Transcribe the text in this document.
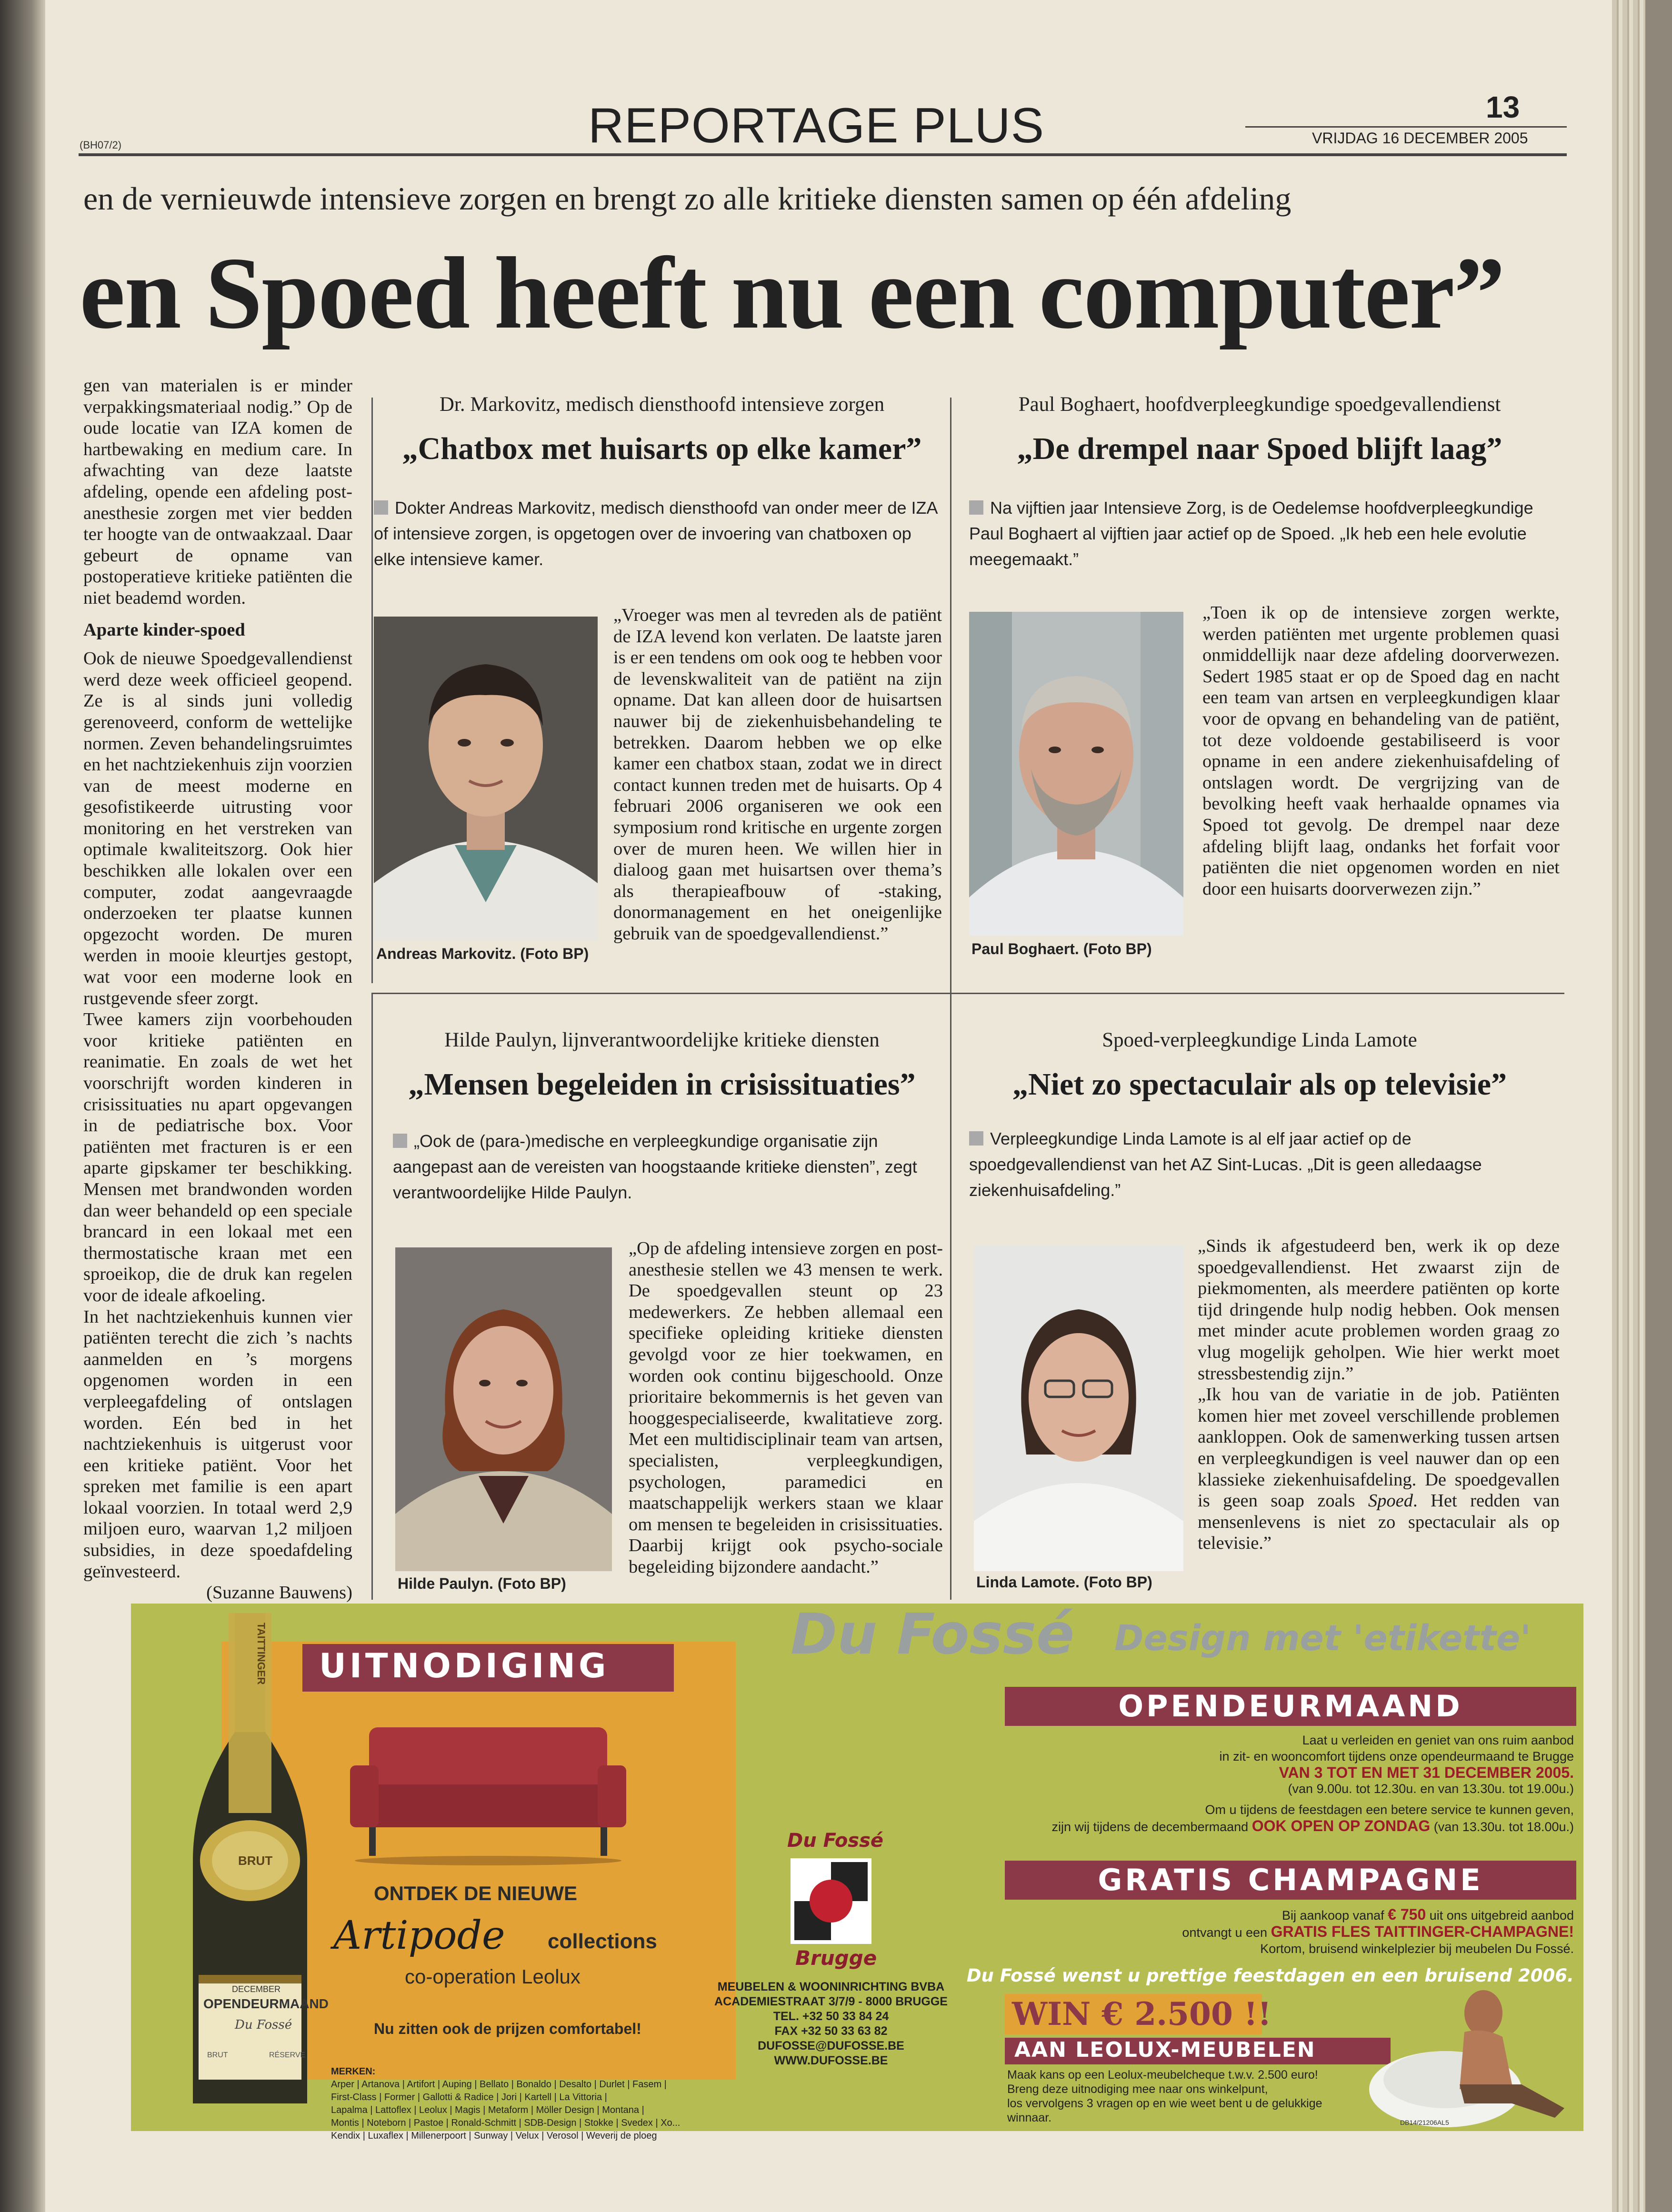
(BH07/2)	REPORTAGE PLUS	13
VRIJDAG 16 DECEMBER 2005
en de vernieuwde intensieve zorgen en brengt zo alle kritieke diensten samen op één afdeling
en Spoed heeft nu een computer”

gen van materialen is er minder verpakkingsmateriaal nodig.” Op de oude locatie van IZA komen de hartbewaking en medium care. In afwachting van deze laatste afdeling, opende een afdeling post-anesthesie zorgen met vier bedden ter hoogte van de ontwaakzaal. Daar gebeurt de opname van postoperatieve kritieke patiënten die niet beademd worden.

Aparte kinder-spoed

Ook de nieuwe Spoedgevallendienst werd deze week officieel geopend. Ze is al sinds juni volledig gerenoveerd, conform de wettelijke normen. Zeven behandelingsruimtes en het nachtziekenhuis zijn voorzien van de meest moderne en gesofistikeerde uitrusting voor monitoring en het verstreken van optimale kwaliteitszorg. Ook hier beschikken alle lokalen over een computer, zodat aangevraagde onderzoeken ter plaatse kunnen opgezocht worden. De muren werden in mooie kleurtjes gestopt, wat voor een moderne look en rustgevende sfeer zorgt.

Twee kamers zijn voorbehouden voor kritieke patiënten en reanimatie. En zoals de wet het voorschrijft worden kinderen in crisissituaties nu apart opgevangen in de pediatrische box. Voor patiënten met fracturen is er een aparte gipskamer ter beschikking. Mensen met brandwonden worden dan weer behandeld op een speciale brancard in een lokaal met een thermostatische kraan met een sproeikop, die de druk kan regelen voor de ideale afkoeling.

In het nachtziekenhuis kunnen vier patiënten terecht die zich ’s nachts aanmelden en ’s morgens opgenomen worden in een verpleegafdeling of ontslagen worden. Eén bed in het nachtziekenhuis is uitgerust voor een kritieke patiënt. Voor het spreken met familie is een apart lokaal voorzien. In totaal werd 2,9 miljoen euro, waarvan 1,2 miljoen subsidies, in deze spoedafdeling geïnvesteerd.

(Suzanne Bauwens)

Dr. Markovitz, medisch diensthoofd intensieve zorgen
„Chatbox met huisarts op elke kamer”
Dokter Andreas Markovitz, medisch diensthoofd van onder meer de IZA of intensieve zorgen, is opgetogen over de invoering van chatboxen op elke intensieve kamer.
Andreas Markovitz. (Foto BP)

„Vroeger was men al tevreden als de patiënt de IZA levend kon verlaten. De laatste jaren is er een tendens om ook oog te hebben voor de levenskwaliteit van de patiënt na zijn opname. Dat kan alleen door de huisartsen nauwer bij de ziekenhuisbehandeling te betrekken. Daarom hebben we op elke kamer een chatbox staan, zodat we in direct contact kunnen treden met de huisarts. Op 4 februari 2006 organiseren we ook een symposium rond kritische en urgente zorgen over de muren heen. We willen hier in dialoog gaan met huisartsen over thema’s als therapieafbouw of -staking, donormanagement en het oneigenlijke gebruik van de spoedgevallendienst.”

Paul Boghaert, hoofdverpleegkundige spoedgevallendienst
„De drempel naar Spoed blijft laag”
Na vijftien jaar Intensieve Zorg, is de Oedelemse hoofdverpleegkundige Paul Boghaert al vijftien jaar actief op de Spoed. „Ik heb een hele evolutie meegemaakt.”
Paul Boghaert. (Foto BP)

„Toen ik op de intensieve zorgen werkte, werden patiënten met urgente problemen quasi onmiddellijk naar deze afdeling doorverwezen. Sedert 1985 staat er op de Spoed dag en nacht een team van artsen en verpleegkundigen klaar voor de opvang en behandeling van de patiënt, tot deze voldoende gestabiliseerd is voor opname in een andere ziekenhuisafdeling of ontslagen wordt. De vergrijzing van de bevolking heeft vaak herhaalde opnames via Spoed tot gevolg. De drempel naar deze afdeling blijft laag, ondanks het forfait voor patiënten die niet opgenomen worden en niet door een huisarts doorverwezen zijn.”

Hilde Paulyn, lijnverantwoordelijke kritieke diensten
„Mensen begeleiden in crisissituaties”
„Ook de (para-)medische en verpleegkundige organisatie zijn aangepast aan de vereisten van hoogstaande kritieke diensten”, zegt verantwoordelijke Hilde Paulyn.
Hilde Paulyn. (Foto BP)

„Op de afdeling intensieve zorgen en post-anesthesie stellen we 43 mensen te werk. De spoedgevallen steunt op 23 medewerkers. Ze hebben allemaal een specifieke opleiding kritieke diensten gevolgd voor ze hier toekwamen, en worden ook continu bijgeschoold. Onze prioritaire bekommernis is het geven van hooggespecialiseerde, kwalitatieve zorg. Met een multidisciplinair team van artsen, specialisten, verpleegkundigen, psychologen, paramedici en maatschappelijk werkers staan we klaar om mensen te begeleiden in crisissituaties. Daarbij krijgt ook psycho-sociale begeleiding bijzondere aandacht.”

Spoed-verpleegkundige Linda Lamote
„Niet zo spectaculair als op televisie”
Verpleegkundige Linda Lamote is al elf jaar actief op de spoedgevallendienst van het AZ Sint-Lucas. „Dit is geen alledaagse ziekenhuisafdeling.”
Linda Lamote. (Foto BP)

„Sinds ik afgestudeerd ben, werk ik op deze spoedgevallendienst. Het zwaarst zijn de piekmomenten, als meerdere patiënten op korte tijd dringende hulp nodig hebben. Ook mensen met minder acute problemen worden graag zo vlug mogelijk geholpen. Wie hier werkt moet stressbestendig zijn.”

„Ik hou van de variatie in de job. Patiënten komen hier met zoveel verschillende problemen aankloppen. Ook de samenwerking tussen artsen en verpleegkundigen is veel nauwer dan op een klassieke ziekenhuisafdeling. De spoedgevallen is geen soap zoals Spoed. Het redden van mensenlevens is niet zo spectaculair als op televisie.”

UITNODIGING
ONTDEK DE NIEUWE
Artipode collections
co-operation Leolux
Nu zitten ook de prijzen comfortabel!
TAITTINGER
BRUT
DECEMBER
OPENDEURMAAND
Du Fossé
BRUT	RÉSERVE
MERKEN:
Arper | Artanova | Artifort | Auping | Bellato | Bonaldo | Desalto | Durlet | Fasem |
First-Class | Former | Gallotti & Radice | Jori | Kartell | La Vittoria |
Lapalma | Lattoflex | Leolux | Magis | Metaform | Möller Design | Montana |
Montis | Noteborn | Pastoe | Ronald-Schmitt | SDB-Design | Stokke | Svedex | Xo...
Kendix | Luxaflex | Millenerpoort | Sunway | Velux | Verosol | Weverij de ploeg
Du Fossé
Brugge
MEUBELEN & WOONINRICHTING BVBA
ACADEMIESTRAAT 3/7/9 - 8000 BRUGGE
TEL. +32 50 33 84 24
FAX +32 50 33 63 82
DUFOSSE@DUFOSSE.BE
WWW.DUFOSSE.BE
Du Fossé Design met 'etikette'
OPENDEURMAAND
Laat u verleiden en geniet van ons ruim aanbod
in zit- en wooncomfort tijdens onze opendeurmaand te Brugge
VAN 3 TOT EN MET 31 DECEMBER 2005.
(van 9.00u. tot 12.30u. en van 13.30u. tot 19.00u.)
Om u tijdens de feestdagen een betere service te kunnen geven,
zijn wij tijdens de decembermaand OOK OPEN OP ZONDAG (van 13.30u. tot 18.00u.)
GRATIS CHAMPAGNE
Bij aankoop vanaf € 750 uit ons uitgebreid aanbod
ontvangt u een GRATIS FLES TAITTINGER-CHAMPAGNE!
Kortom, bruisend winkelplezier bij meubelen Du Fossé.
Du Fossé wenst u prettige feestdagen en een bruisend 2006.
WIN € 2.500 !!
AAN LEOLUX-MEUBELEN
Maak kans op een Leolux-meubelcheque t.w.v. 2.500 euro!
Breng deze uitnodiging mee naar ons winkelpunt,
los vervolgens 3 vragen op en wie weet bent u de gelukkige
winnaar.	DB14/21206AL5
